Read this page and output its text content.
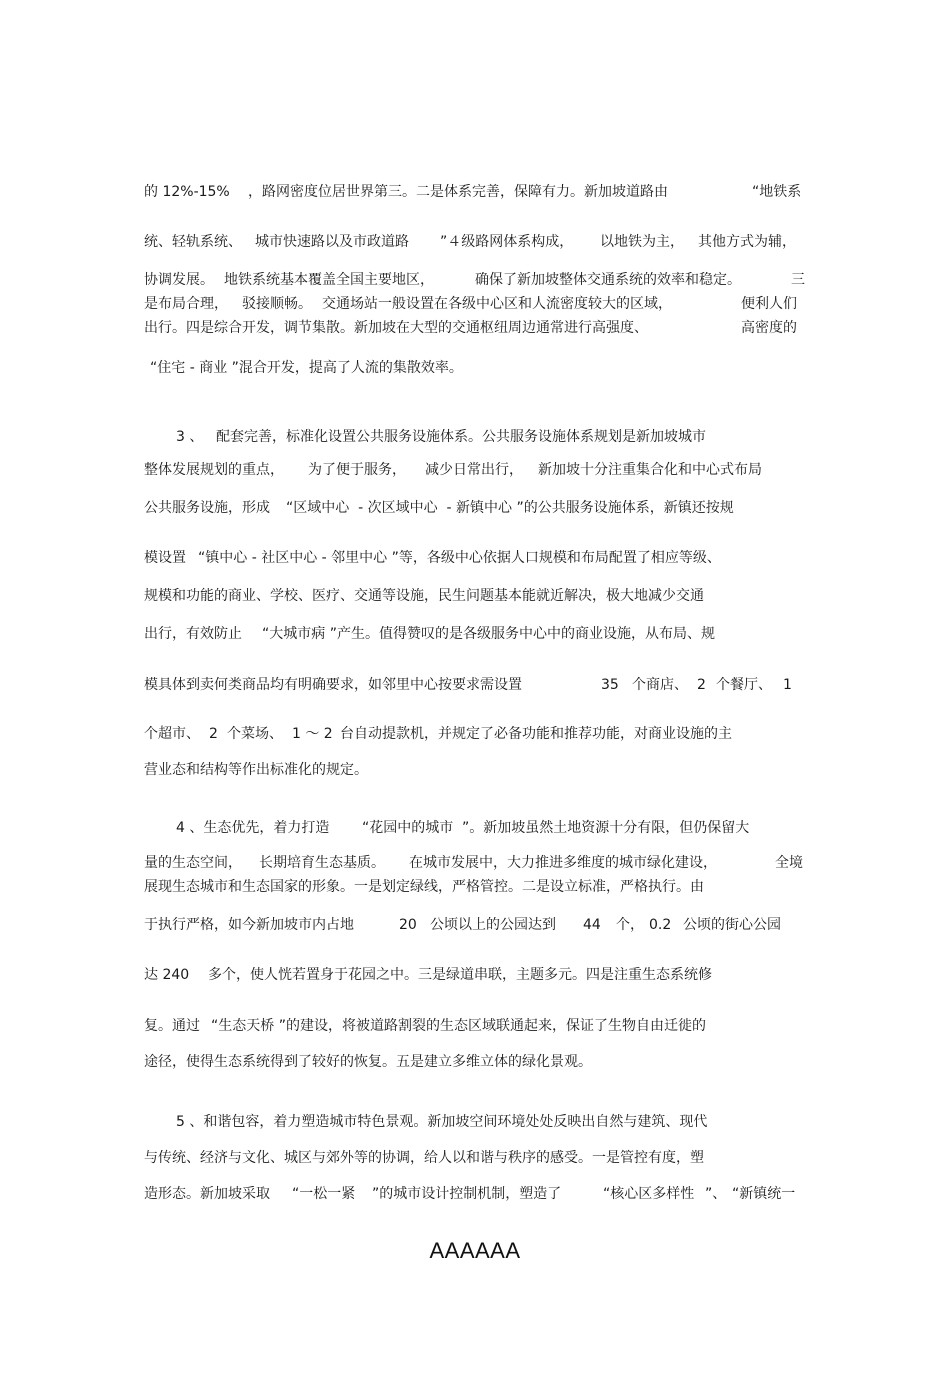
的 12%-15%

，路网密度位居世界第三。二是体系完善，保障有力。新加坡道路由

	“地铁系

统、轻轨系统、

城市快速路以及市政道路

”４级路网体系构成，

以地铁为主，

其他方式为辅，

协调发展。

地铁系统基本覆盖全国主要地区，

	确保了新加坡整体交通系统的效率和稳定。

	三

是布局合理，

驳接顺畅。

交通场站一般设置在各级中心区和人流密度较大的区域，

	便利人们

出行。四是综合开发，调节集散。新加坡在大型的交通枢纽周边通常进行高强度、

	高密度的

“住宅 - 商业 ”混合开发，提高了人流的集散效率。

3 、

配套完善，标准化设置公共服务设施体系。公共服务设施体系规划是新加坡城市

整体发展规划的重点，

为了便于服务，

减少日常出行，

新加坡十分注重集合化和中心式布局

公共服务设施，形成

“区域中心  - 次区域中心  - 新镇中心 ”的公共服务设施体系，新镇还按规

模设置

“镇中心 - 社区中心 - 邻里中心 ”等，各级中心依据人口规模和布局配置了相应等级、

规模和功能的商业、学校、医疗、交通等设施，民生问题基本能就近解决，极大地减少交通

出行，有效防止

“大城市病 ”产生。值得赞叹的是各级服务中心中的商业设施，从布局、规

模具体到卖何类商品均有明确要求，如邻里中心按要求需设置

	35

个商店、

2

个餐厅、

1

个超市、

2

个菜场、

1 ～ 2

台自动提款机，并规定了必备功能和推荐功能，对商业设施的主

营业态和结构等作出标准化的规定。

4 、生态优先，着力打造

“花园中的城市

”。新加坡虽然土地资源十分有限，但仍保留大

量的生态空间，

长期培育生态基质。

在城市发展中，大力推进多维度的城市绿化建设，

	全境

展现生态城市和生态国家的形象。一是划定绿线，严格管控。二是设立标准，严格执行。由

于执行严格，如今新加坡市内占地

	20

公顷以上的公园达到

44

个，

0.2

公顷的街心公园

达 240

多个，使人恍若置身于花园之中。三是绿道串联，主题多元。四是注重生态系统修

复。通过

“生态天桥 ”的建设，将被道路割裂的生态区域联通起来，保证了生物自由迁徙的

途径，使得生态系统得到了较好的恢复。五是建立多维立体的绿化景观。

5 、和谐包容，着力塑造城市特色景观。新加坡空间环境处处反映出自然与建筑、现代

与传统、经济与文化、城区与郊外等的协调，给人以和谐与秩序的感受。一是管控有度，塑

造形态。新加坡采取

“一松一紧

”的城市设计控制机制，塑造了

	“核心区多样性

”、

“新镇统一

AAAAAA
